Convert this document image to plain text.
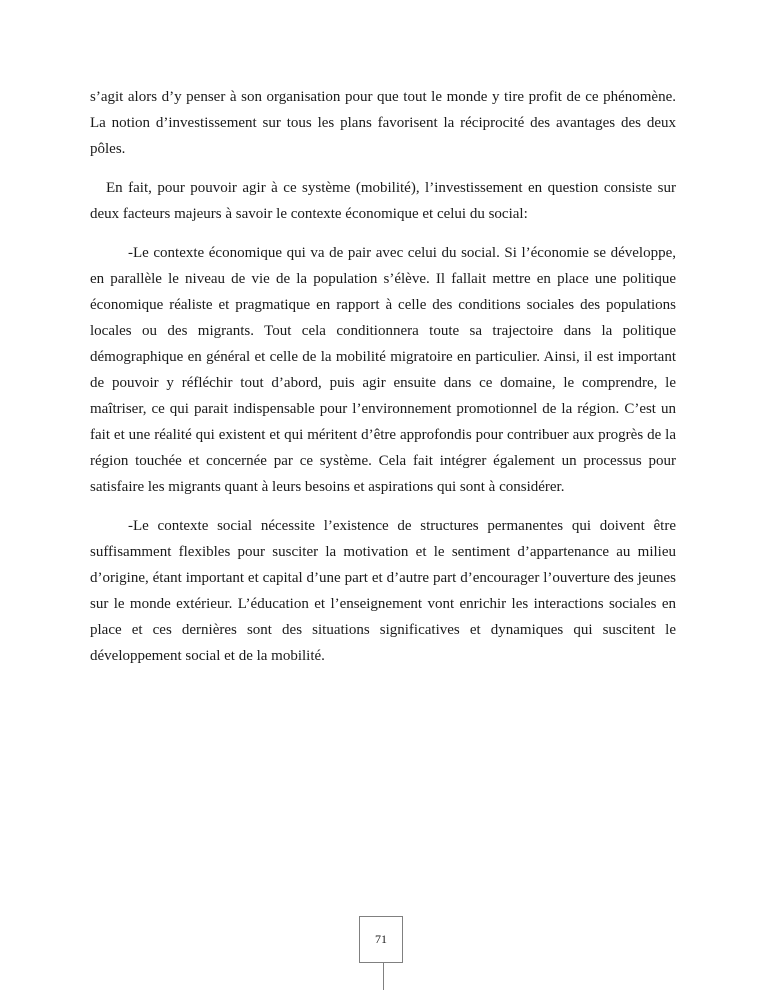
s’agit alors d’y penser à son organisation pour que tout le monde y tire profit de ce phénomène. La notion d’investissement sur tous les plans favorisent la réciprocité des avantages des deux pôles.

En fait, pour pouvoir agir à ce système (mobilité), l’investissement en question consiste sur deux facteurs majeurs à savoir le contexte économique et celui du social:

-Le contexte économique qui va de pair avec celui du social. Si l’économie se développe, en parallèle le niveau de vie de la population s’élève. Il fallait mettre en place une politique économique réaliste et pragmatique en rapport à celle des conditions sociales des populations locales ou des migrants. Tout cela conditionnera toute sa trajectoire dans la politique démographique en général et celle de la mobilité migratoire en particulier. Ainsi, il est important de pouvoir y réfléchir tout d’abord, puis agir ensuite dans ce domaine, le comprendre, le maîtriser, ce qui parait indispensable pour l’environnement promotionnel de la région. C’est un fait et une réalité qui existent et qui méritent d’être approfondis pour contribuer aux progrès de la région touchée et concernée par ce système. Cela fait intégrer également un processus pour satisfaire les migrants quant à leurs besoins et aspirations qui sont à considérer.

-Le contexte social nécessite l’existence de structures permanentes qui doivent être suffisamment flexibles pour susciter la motivation et le sentiment d’appartenance au milieu d’origine, étant important et capital d’une part et d’autre part d’encourager l’ouverture des jeunes sur le monde extérieur. L’éducation et l’enseignement vont enrichir les interactions sociales en place et ces dernières sont des situations significatives et dynamiques qui suscitent le développement social et de la mobilité.

71
